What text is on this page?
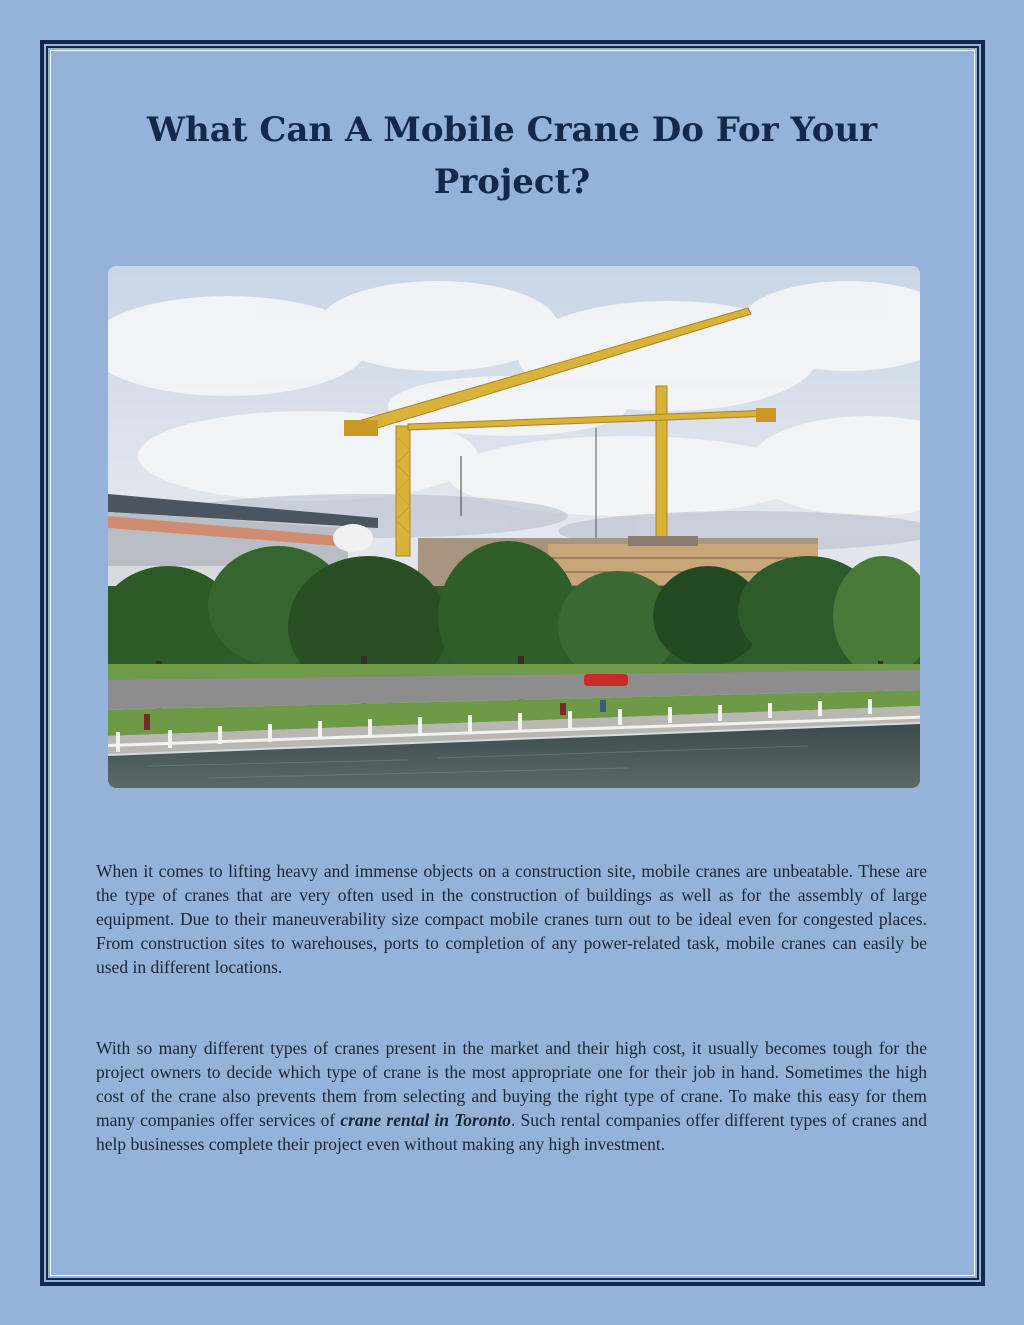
What Can A Mobile Crane Do For Your Project?

When it comes to lifting heavy and immense objects on a construction site, mobile cranes are unbeatable. These are the type of cranes that are very often used in the construction of buildings as well as for the assembly of large equipment. Due to their maneuverability size compact mobile cranes turn out to be ideal even for congested places. From construction sites to warehouses, ports to completion of any power-related task, mobile cranes can easily be used in different locations.

With so many different types of cranes present in the market and their high cost, it usually becomes tough for the project owners to decide which type of crane is the most appropriate one for their job in hand. Sometimes the high cost of the crane also prevents them from selecting and buying the right type of crane. To make this easy for them many companies offer services of crane rental in Toronto. Such rental companies offer different types of cranes and help businesses complete their project even without making any high investment.
